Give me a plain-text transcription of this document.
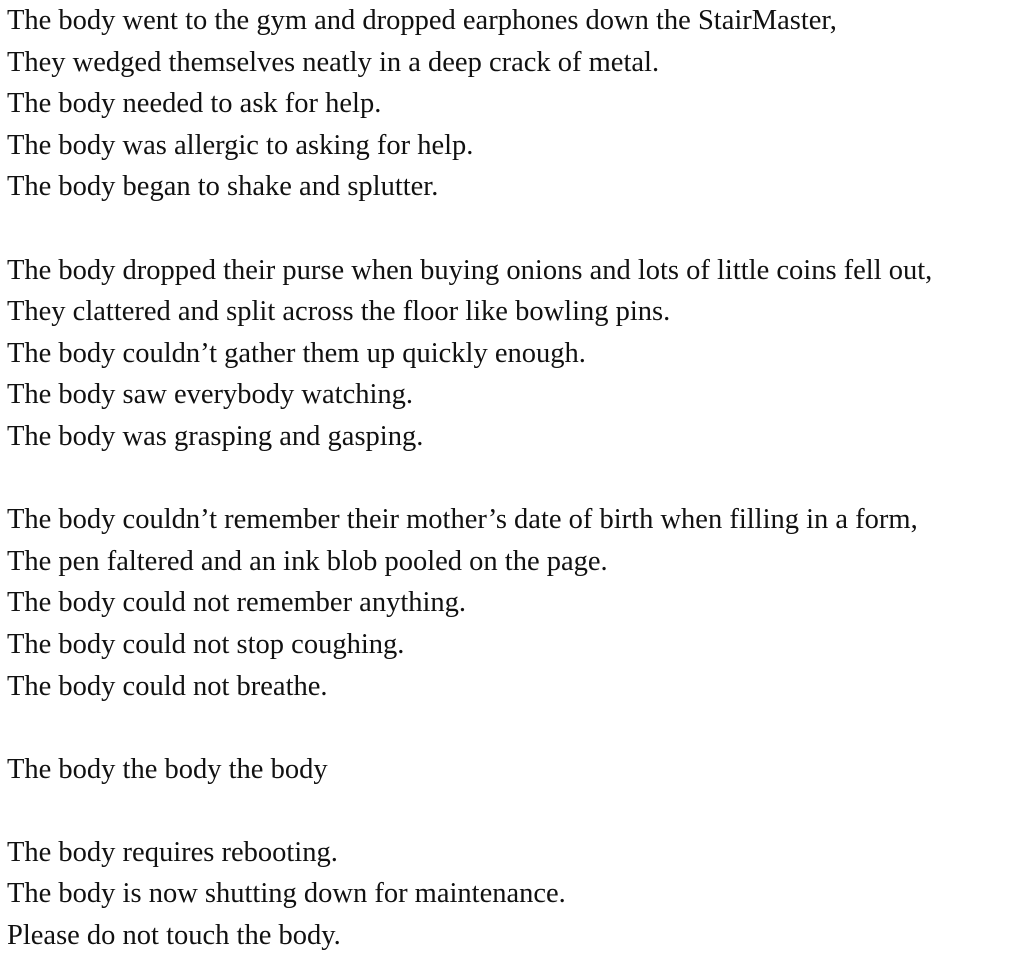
The body went to the gym and dropped earphones down the StairMaster,
They wedged themselves neatly in a deep crack of metal.
The body needed to ask for help.
The body was allergic to asking for help.
The body began to shake and splutter.
The body dropped their purse when buying onions and lots of little coins fell out,
They clattered and split across the floor like bowling pins.
The body couldn’t gather them up quickly enough.
The body saw everybody watching.
The body was grasping and gasping.
The body couldn’t remember their mother’s date of birth when filling in a form,
The pen faltered and an ink blob pooled on the page.
The body could not remember anything.
The body could not stop coughing.
The body could not breathe.
The body the body the body
The body requires rebooting.
The body is now shutting down for maintenance.
Please do not touch the body.
